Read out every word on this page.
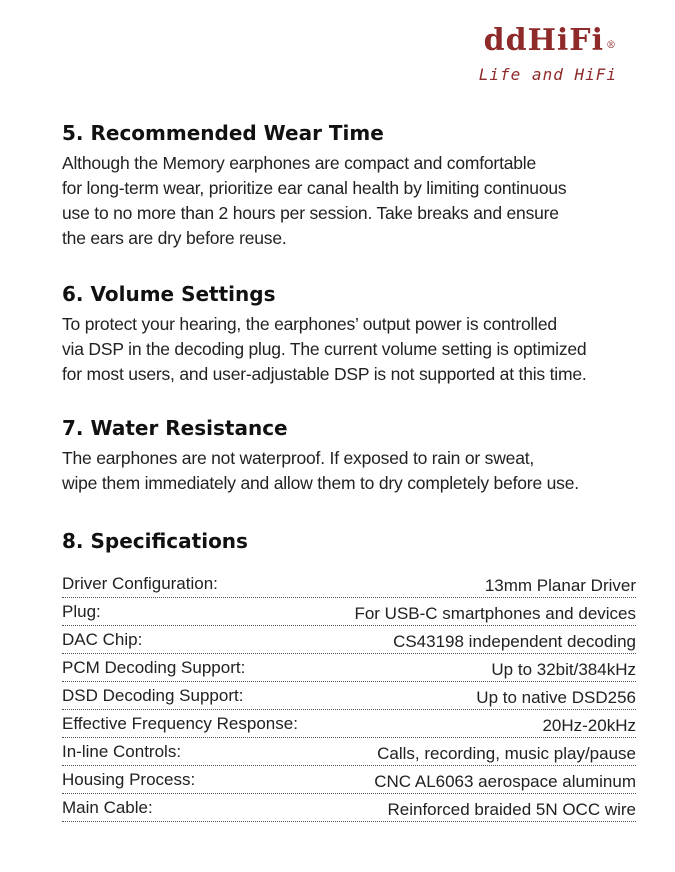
ddHiFi ®
Life and HiFi
5. Recommended Wear Time

Although the Memory earphones are compact and comfortable
for long-term wear, prioritize ear canal health by limiting continuous
use to no more than 2 hours per session. Take breaks and ensure
the ears are dry before reuse.

6. Volume Settings

To protect your hearing, the earphones’ output power is controlled
via DSP in the decoding plug. The current volume setting is optimized
for most users, and user-adjustable DSP is not supported at this time.

7. Water Resistance

The earphones are not waterproof. If exposed to rain or sweat,
wipe them immediately and allow them to dry completely before use.

8. Specifications
Driver Configuration:	13mm Planar Driver
Plug:	For USB-C smartphones and devices
DAC Chip:	CS43198 independent decoding
PCM Decoding Support:	Up to 32bit/384kHz
DSD Decoding Support:	Up to native DSD256
Effective Frequency Response:	20Hz-20kHz
In-line Controls:	Calls, recording, music play/pause
Housing Process:	CNC AL6063 aerospace aluminum
Main Cable:	Reinforced braided 5N OCC wire
